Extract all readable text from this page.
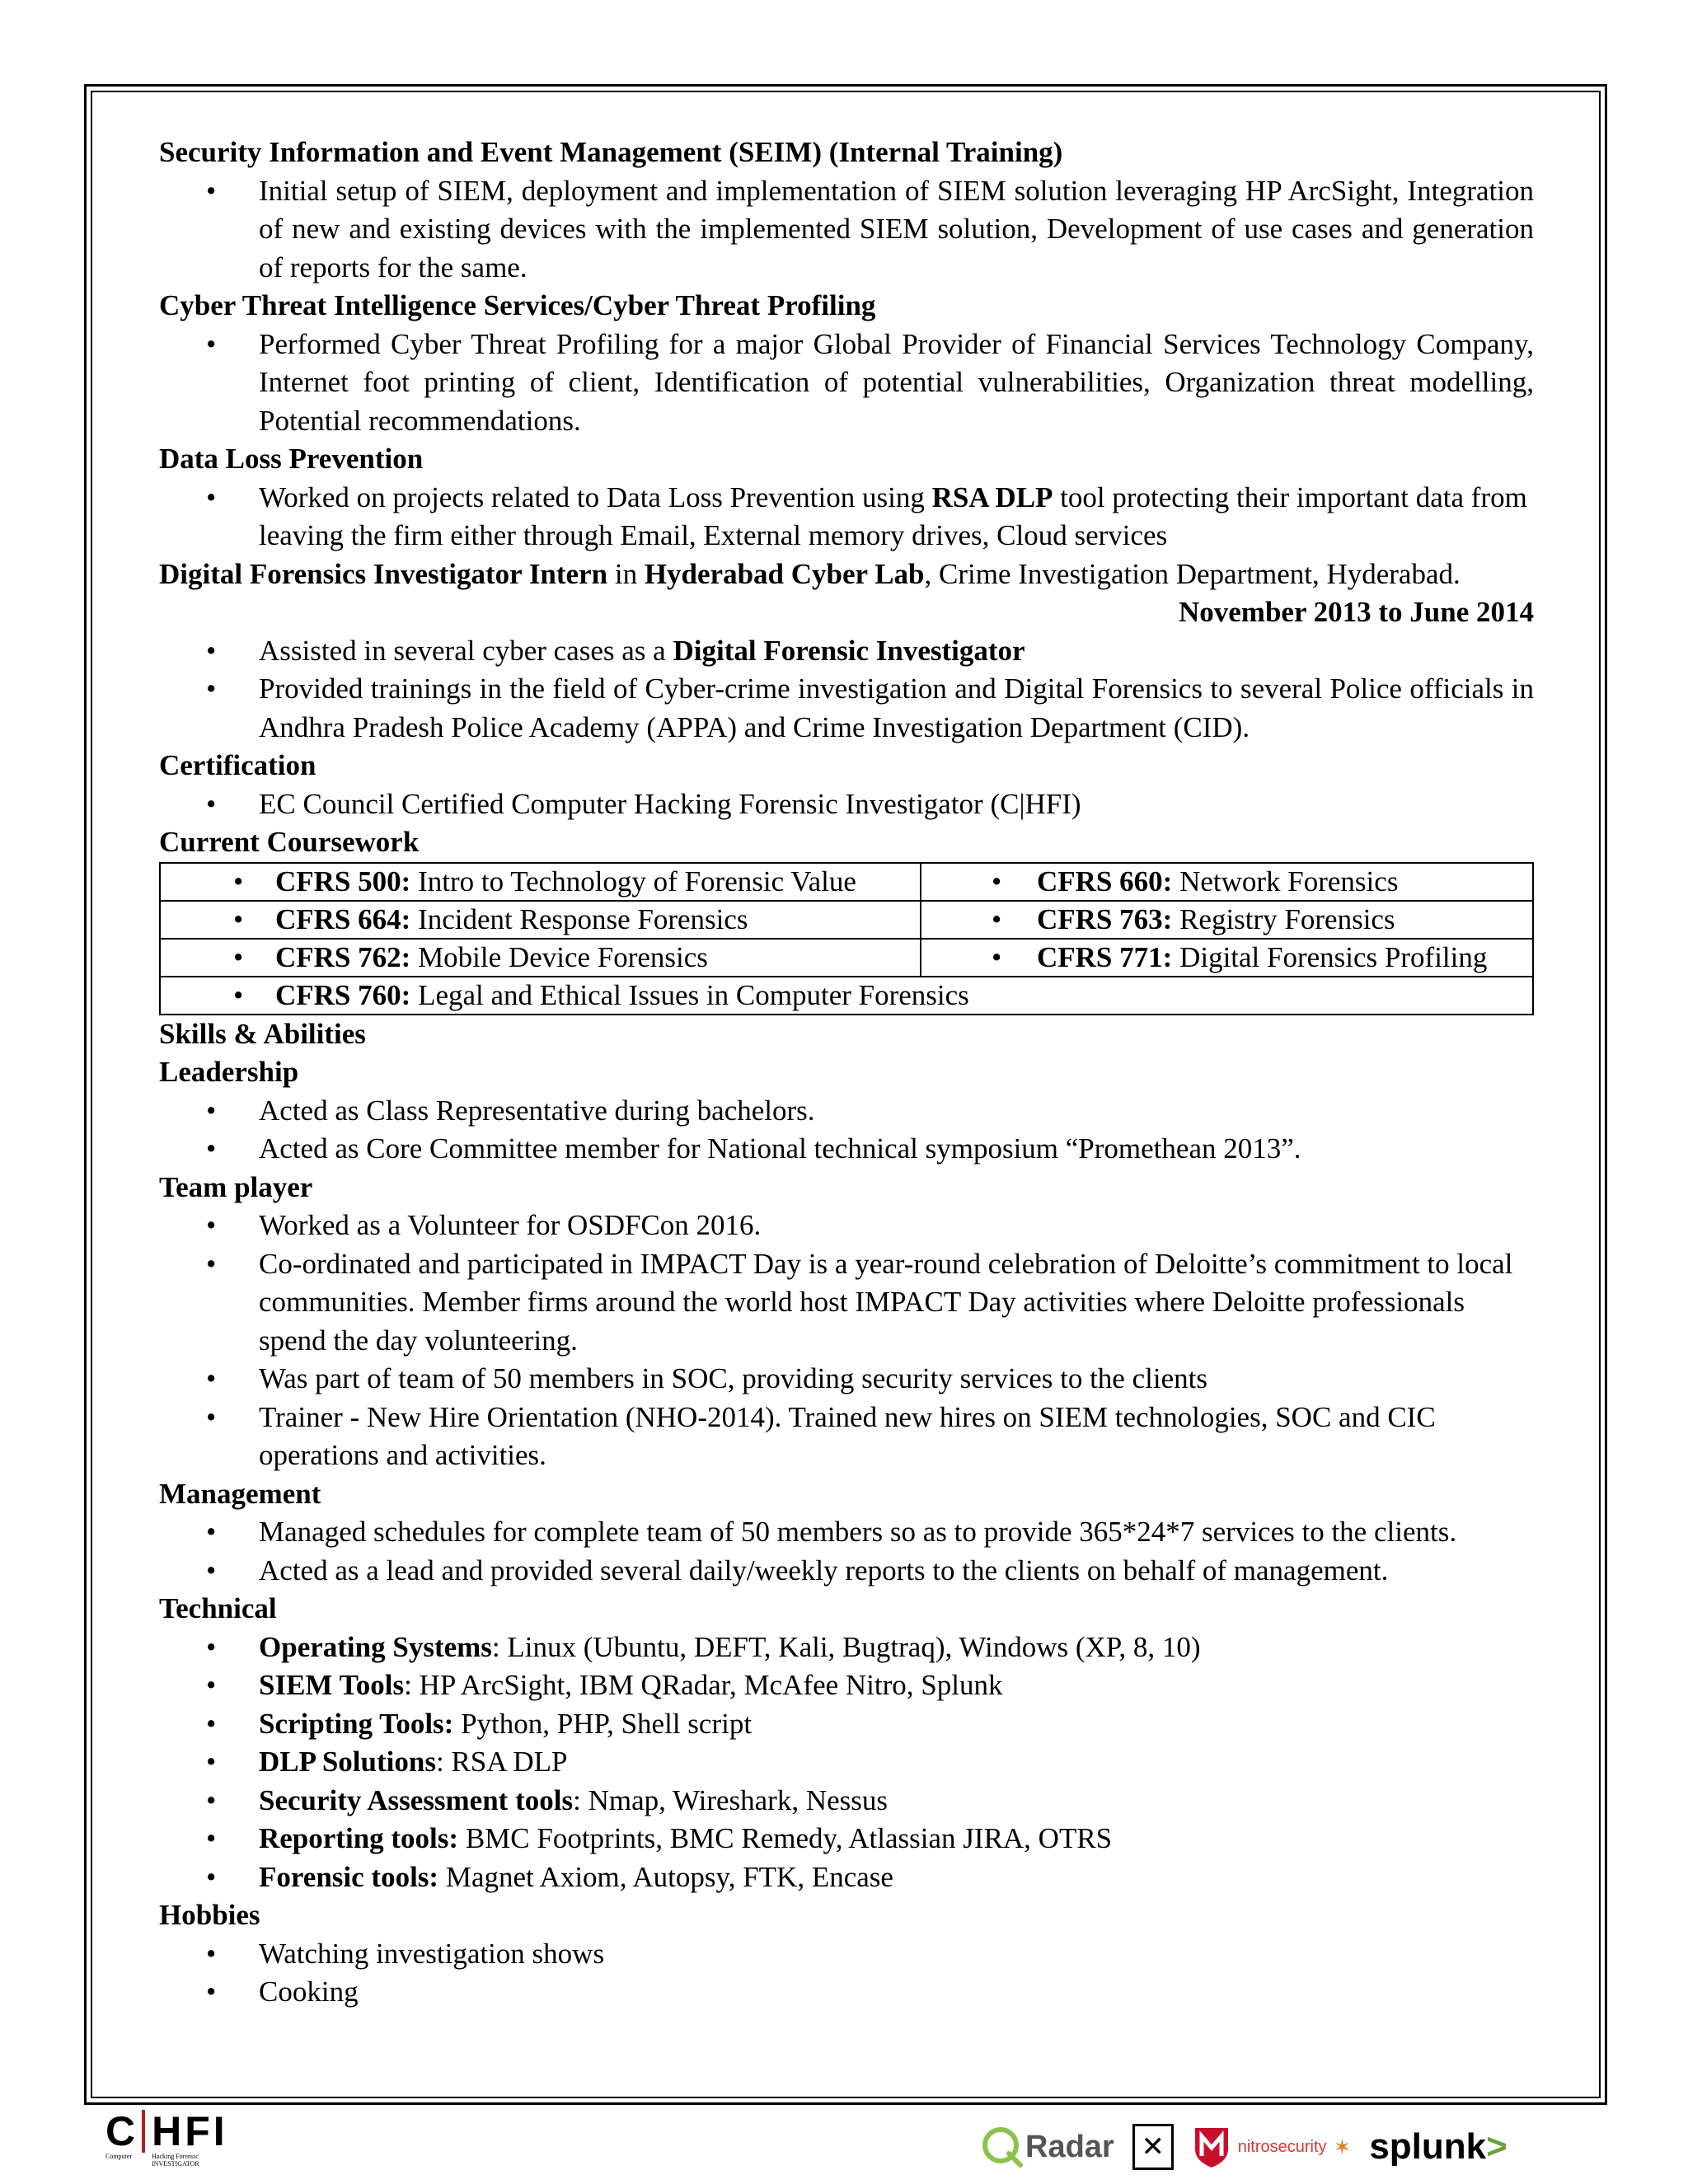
Security Information and Event Management (SEIM) (Internal Training)
• Initial setup of SIEM, deployment and implementation of SIEM solution leveraging HP ArcSight, Integration of new and existing devices with the implemented SIEM solution, Development of use cases and generation of reports for the same.
Cyber Threat Intelligence Services/Cyber Threat Profiling
• Performed Cyber Threat Profiling for a major Global Provider of Financial Services Technology Company, Internet foot printing of client, Identification of potential vulnerabilities, Organization threat modelling, Potential recommendations.
Data Loss Prevention
• Worked on projects related to Data Loss Prevention using RSA DLP tool protecting their important data from leaving the firm either through Email, External memory drives, Cloud services
Digital Forensics Investigator Intern in Hyderabad Cyber Lab, Crime Investigation Department, Hyderabad.
November 2013 to June 2014
• Assisted in several cyber cases as a Digital Forensic Investigator
• Provided trainings in the field of Cyber-crime investigation and Digital Forensics to several Police officials in Andhra Pradesh Police Academy (APPA) and Crime Investigation Department (CID).
Certification
• EC Council Certified Computer Hacking Forensic Investigator (C|HFI)
Current Coursework
• CFRS 500: Intro to Technology of Forensic Value	• CFRS 660: Network Forensics

• CFRS 664: Incident Response Forensics	• CFRS 763: Registry Forensics

• CFRS 762: Mobile Device Forensics	• CFRS 771: Digital Forensics Profiling

• CFRS 760: Legal and Ethical Issues in Computer Forensics
Skills & Abilities
Leadership
• Acted as Class Representative during bachelors.
• Acted as Core Committee member for National technical symposium “Promethean 2013”.
Team player
• Worked as a Volunteer for OSDFCon 2016.
• Co-ordinated and participated in IMPACT Day is a year-round celebration of Deloitte’s commitment to local communities. Member firms around the world host IMPACT Day activities where Deloitte professionals spend the day volunteering.
• Was part of team of 50 members in SOC, providing security services to the clients
• Trainer - New Hire Orientation (NHO-2014). Trained new hires on SIEM technologies, SOC and CIC operations and activities.
Management
• Managed schedules for complete team of 50 members so as to provide 365*24*7 services to the clients.
• Acted as a lead and provided several daily/weekly reports to the clients on behalf of management.
Technical
• Operating Systems: Linux (Ubuntu, DEFT, Kali, Bugtraq), Windows (XP, 8, 10)
• SIEM Tools: HP ArcSight, IBM QRadar, McAfee Nitro, Splunk
• Scripting Tools: Python, PHP, Shell script
• DLP Solutions: RSA DLP
• Security Assessment tools: Nmap, Wireshark, Nessus
• Reporting tools: BMC Footprints, BMC Remedy, Atlassian JIRA, OTRS
• Forensic tools: Magnet Axiom, Autopsy, FTK, Encase
Hobbies
• Watching investigation shows
• Cooking
C
Computer
HFI
Hacking Forensic
INVESTIGATOR	Radar ✕	nitrosecurity ✶ splunk>
